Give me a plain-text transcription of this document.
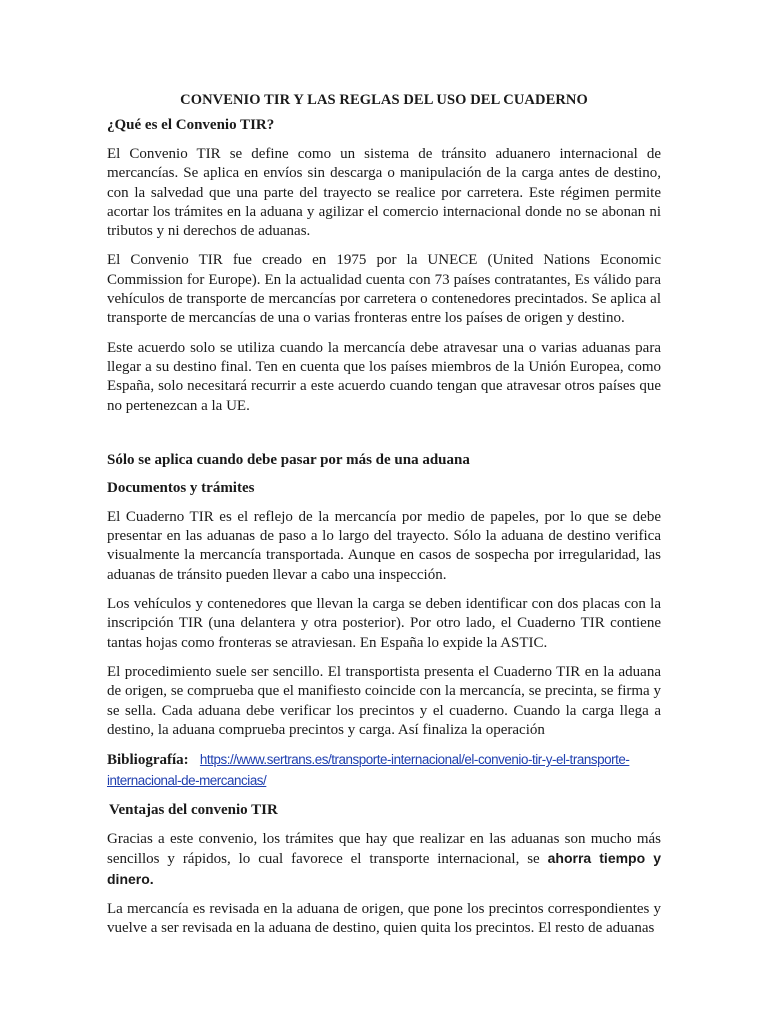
CONVENIO TIR Y LAS REGLAS DEL USO DEL CUADERNO
¿Qué es el Convenio TIR?

El Convenio TIR se define como un sistema de tránsito aduanero internacional de mercancías. Se aplica en envíos sin descarga o manipulación de la carga antes de destino, con la salvedad que una parte del trayecto se realice por carretera. Este régimen permite acortar los trámites en la aduana y agilizar el comercio internacional donde no se abonan ni tributos y ni derechos de aduanas.

El Convenio TIR fue creado en 1975 por la UNECE (United Nations Economic Commission for Europe). En la actualidad cuenta con 73 países contratantes, Es válido para vehículos de transporte de mercancías por carretera o contenedores precintados. Se aplica al transporte de mercancías de una o varias fronteras entre los países de origen y destino.

Este acuerdo solo se utiliza cuando la mercancía debe atravesar una o varias aduanas para llegar a su destino final. Ten en cuenta que los países miembros de la Unión Europea, como España, solo necesitará recurrir a este acuerdo cuando tengan que atravesar otros países que no pertenezcan a la UE.

Sólo se aplica cuando debe pasar por más de una aduana
Documentos y trámites

El Cuaderno TIR es el reflejo de la mercancía por medio de papeles, por lo que se debe presentar en las aduanas de paso a lo largo del trayecto. Sólo la aduana de destino verifica visualmente la mercancía transportada. Aunque en casos de sospecha por irregularidad, las aduanas de tránsito pueden llevar a cabo una inspección.

Los vehículos y contenedores que llevan la carga se deben identificar con dos placas con la inscripción TIR (una delantera y otra posterior). Por otro lado, el Cuaderno TIR contiene tantas hojas como fronteras se atraviesan. En España lo expide la ASTIC.

El procedimiento suele ser sencillo. El transportista presenta el Cuaderno TIR en la aduana de origen, se comprueba que el manifiesto coincide con la mercancía, se precinta, se firma y se sella. Cada aduana debe verificar los precintos y el cuaderno. Cuando la carga llega a destino, la aduana comprueba precintos y carga. Así finaliza la operación

Bibliografía: https://www.sertrans.es/transporte-internacional/el-convenio-tir-y-el-transporte-internacional-de-mercancias/
Ventajas del convenio TIR

Gracias a este convenio, los trámites que hay que realizar en las aduanas son mucho más sencillos y rápidos, lo cual favorece el transporte internacional, se ahorra tiempo y dinero.

La mercancía es revisada en la aduana de origen, que pone los precintos correspondientes y vuelve a ser revisada en la aduana de destino, quien quita los precintos. El resto de aduanas
